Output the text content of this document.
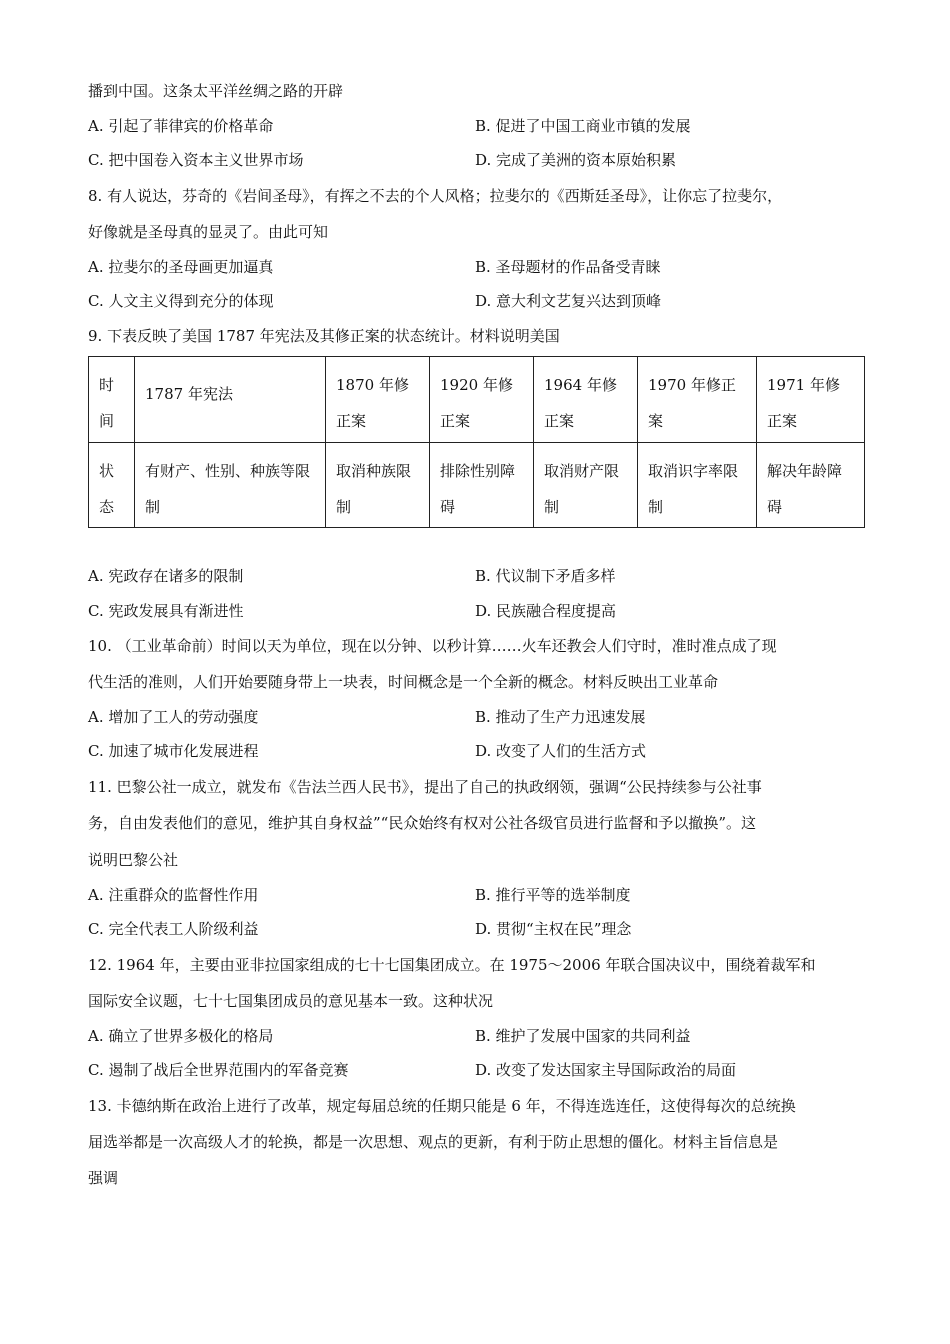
播到中国。这条太平洋丝绸之路的开辟
A. 引起了菲律宾的价格革命	B. 促进了中国工商业市镇的发展
C. 把中国卷入资本主义世界市场	D. 完成了美洲的资本原始积累
8. 有人说达，芬奇的《岩间圣母》，有挥之不去的个人风格；拉斐尔的《西斯廷圣母》，让你忘了拉斐尔，
好像就是圣母真的显灵了。由此可知
A. 拉斐尔的圣母画更加逼真	B. 圣母题材的作品备受青睐
C. 人文主义得到充分的体现	D. 意大利文艺复兴达到顶峰
9. 下表反映了美国 1787 年宪法及其修正案的状态统计。材料说明美国
时间	1787 年宪法	1870 年修正案	1920 年修正案	1964 年修正案	1970 年修正案	1971 年修正案

状态	有财产、性别、种族等限制	取消种族限制	排除性别障碍	取消财产限制	取消识字率限制	解决年龄障碍
A. 宪政存在诸多的限制	B. 代议制下矛盾多样
C. 宪政发展具有渐进性	D. 民族融合程度提高
10. （工业革命前）时间以天为单位，现在以分钟、以秒计算……火车还教会人们守时，准时准点成了现
代生活的准则，人们开始要随身带上一块表，时间概念是一个全新的概念。材料反映出工业革命
A. 增加了工人的劳动强度	B. 推动了生产力迅速发展
C. 加速了城市化发展进程	D. 改变了人们的生活方式
11. 巴黎公社一成立，就发布《告法兰西人民书》，提出了自己的执政纲领，强调“公民持续参与公社事
务，自由发表他们的意见，维护其自身权益”“民众始终有权对公社各级官员进行监督和予以撤换”。这
说明巴黎公社
A. 注重群众的监督性作用	B. 推行平等的选举制度
C. 完全代表工人阶级利益	D. 贯彻“主权在民”理念
12. 1964 年，主要由亚非拉国家组成的七十七国集团成立。在 1975～2006 年联合国决议中，围绕着裁军和
国际安全议题，七十七国集团成员的意见基本一致。这种状况
A. 确立了世界多极化的格局	B. 维护了发展中国家的共同利益
C. 遏制了战后全世界范围内的军备竞赛	D. 改变了发达国家主导国际政治的局面
13. 卡德纳斯在政治上进行了改革，规定每届总统的任期只能是 6 年，不得连选连任，这使得每次的总统换
届选举都是一次高级人才的轮换，都是一次思想、观点的更新，有利于防止思想的僵化。材料主旨信息是
强调
